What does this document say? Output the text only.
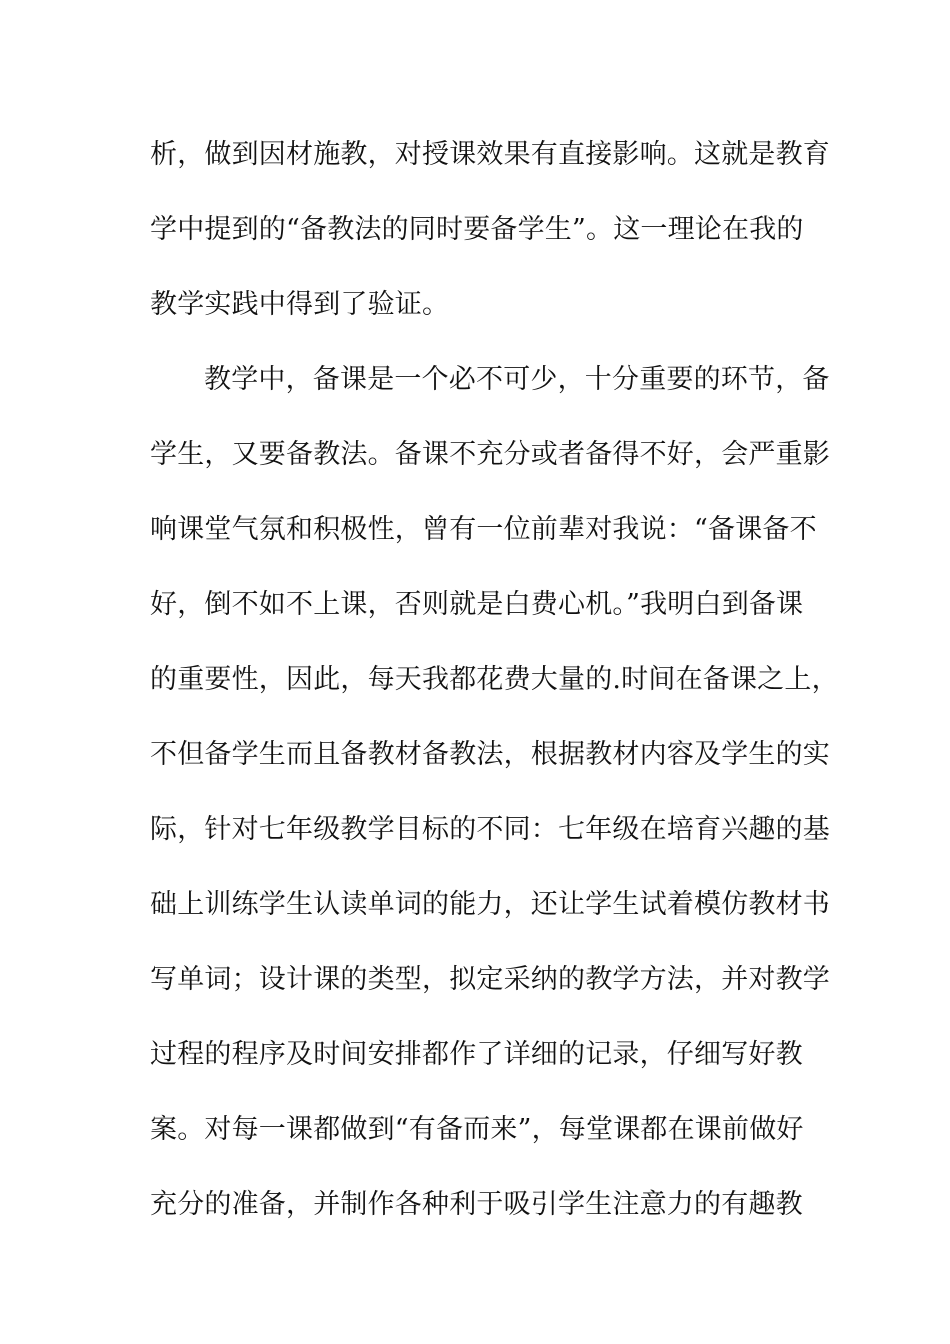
析，做到因材施教，对授课效果有直接影响。这就是教育
学中提到的“备教法的同时要备学生”。这一理论在我的
教学实践中得到了验证。
教学中，备课是一个必不可少，十分重要的环节，备
学生，又要备教法。备课不充分或者备得不好，会严重影
响课堂气氛和积极性，曾有一位前辈对我说：“备课备不
好，倒不如不上课，否则就是白费心机。”我明白到备课
的重要性，因此，每天我都花费大量的.时间在备课之上，
不但备学生而且备教材备教法，根据教材内容及学生的实
际，针对七年级教学目标的不同：七年级在培育兴趣的基
础上训练学生认读单词的能力，还让学生试着模仿教材书
写单词；设计课的类型，拟定采纳的教学方法，并对教学
过程的程序及时间安排都作了详细的记录，仔细写好教
案。对每一课都做到“有备而来”，每堂课都在课前做好
充分的准备，并制作各种利于吸引学生注意力的有趣教
